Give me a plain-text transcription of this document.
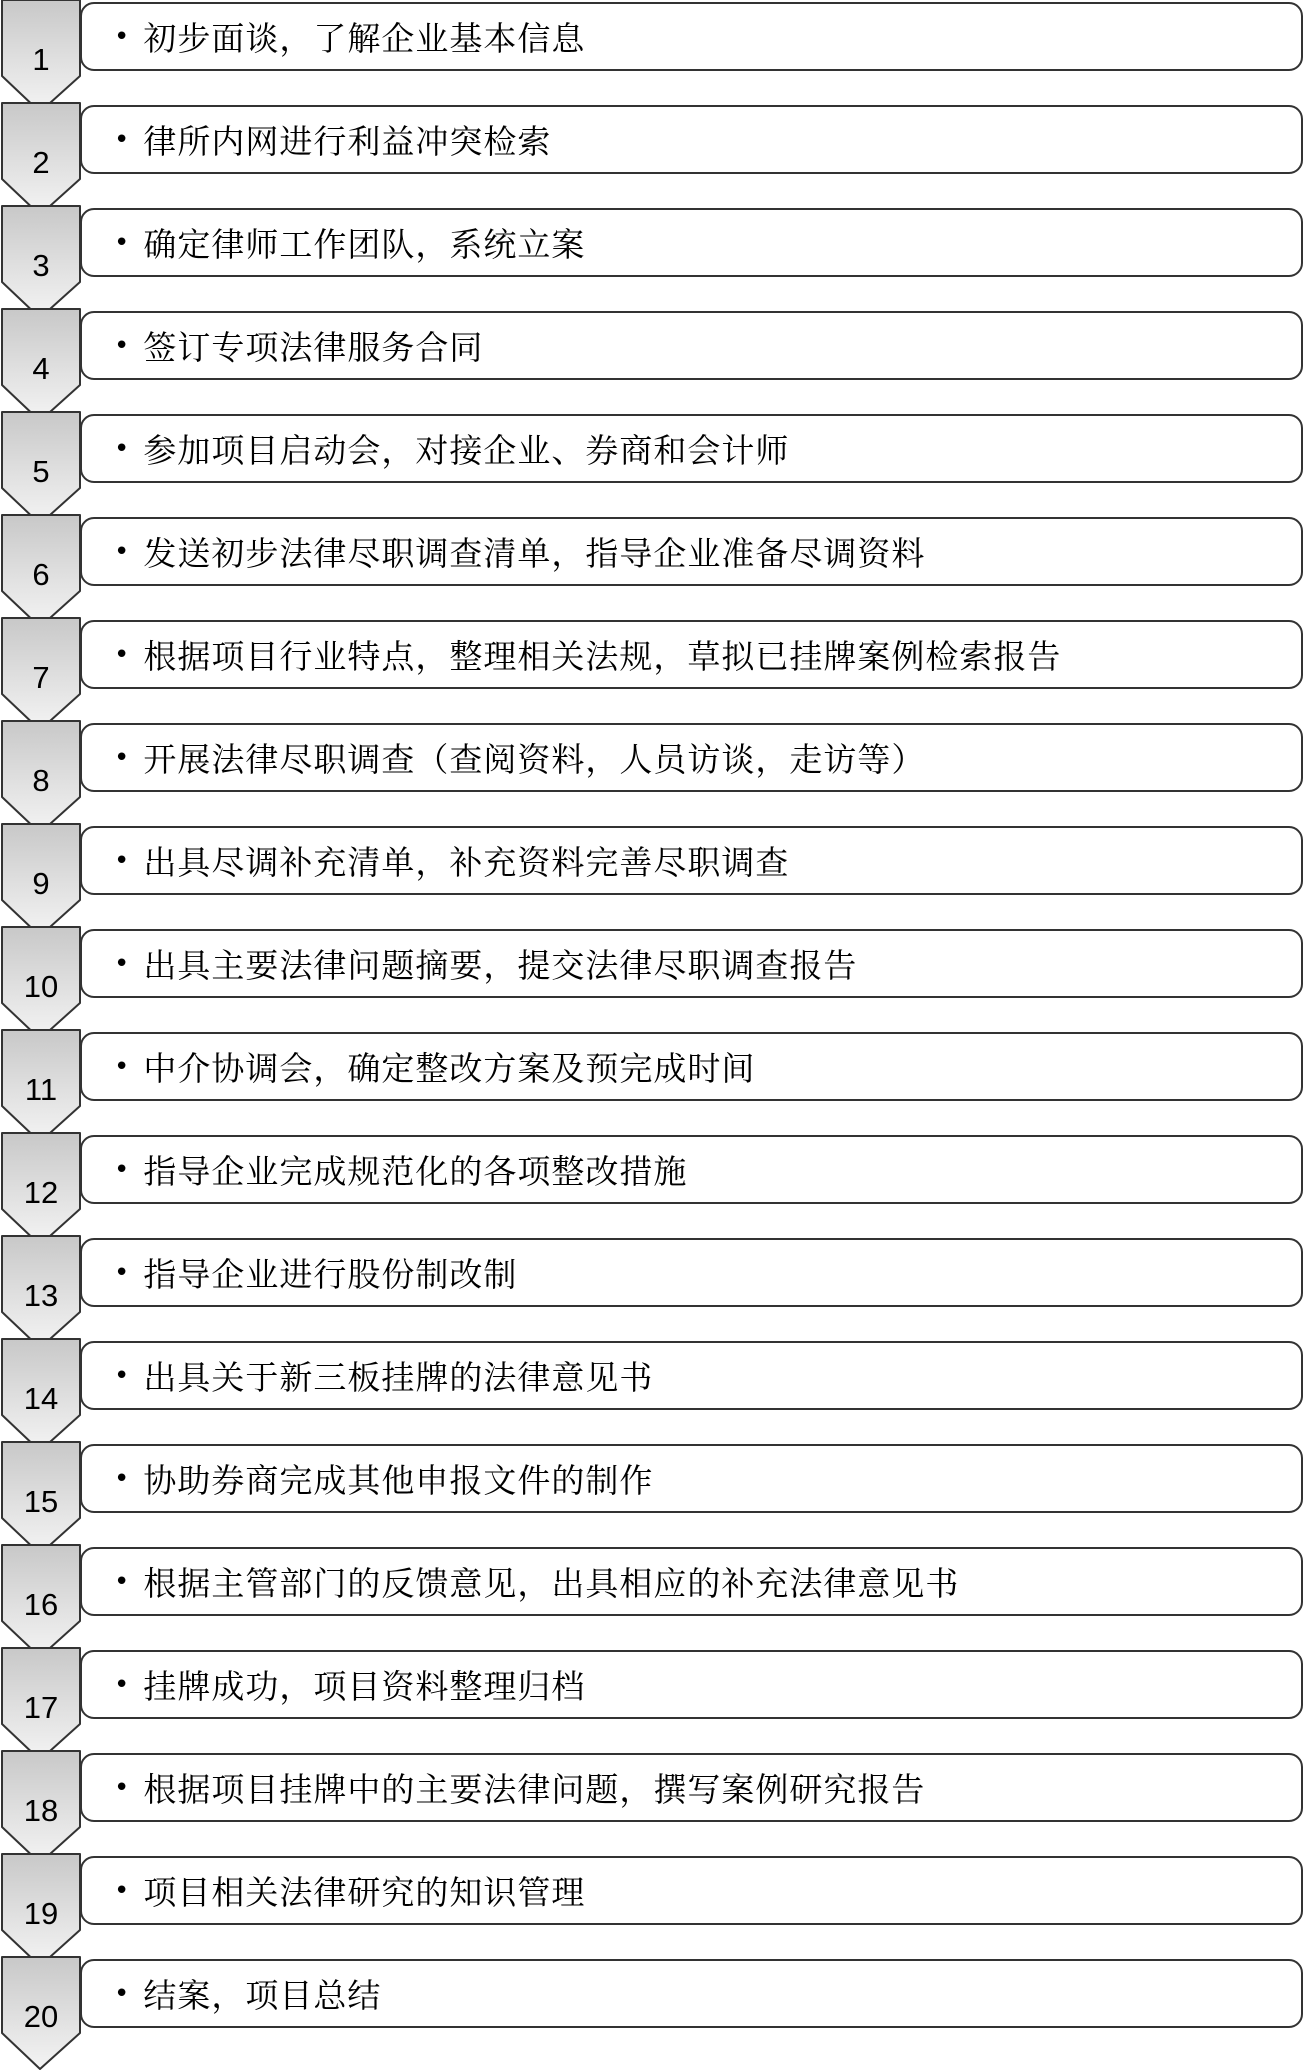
1
• 初步面谈，了解企业基本信息
2
• 律所内网进行利益冲突检索
3
• 确定律师工作团队，系统立案
4
• 签订专项法律服务合同
5
• 参加项目启动会，对接企业、券商和会计师
6
• 发送初步法律尽职调查清单，指导企业准备尽调资料
7
• 根据项目行业特点，整理相关法规，草拟已挂牌案例检索报告
8
• 开展法律尽职调查（查阅资料，人员访谈，走访等）
9
• 出具尽调补充清单，补充资料完善尽职调查
10
• 出具主要法律问题摘要，提交法律尽职调查报告
11
• 中介协调会，确定整改方案及预完成时间
12
• 指导企业完成规范化的各项整改措施
13
• 指导企业进行股份制改制
14
• 出具关于新三板挂牌的法律意见书
15
• 协助券商完成其他申报文件的制作
16
• 根据主管部门的反馈意见，出具相应的补充法律意见书
17
• 挂牌成功，项目资料整理归档
18
• 根据项目挂牌中的主要法律问题，撰写案例研究报告
19
• 项目相关法律研究的知识管理
20
• 结案，项目总结
